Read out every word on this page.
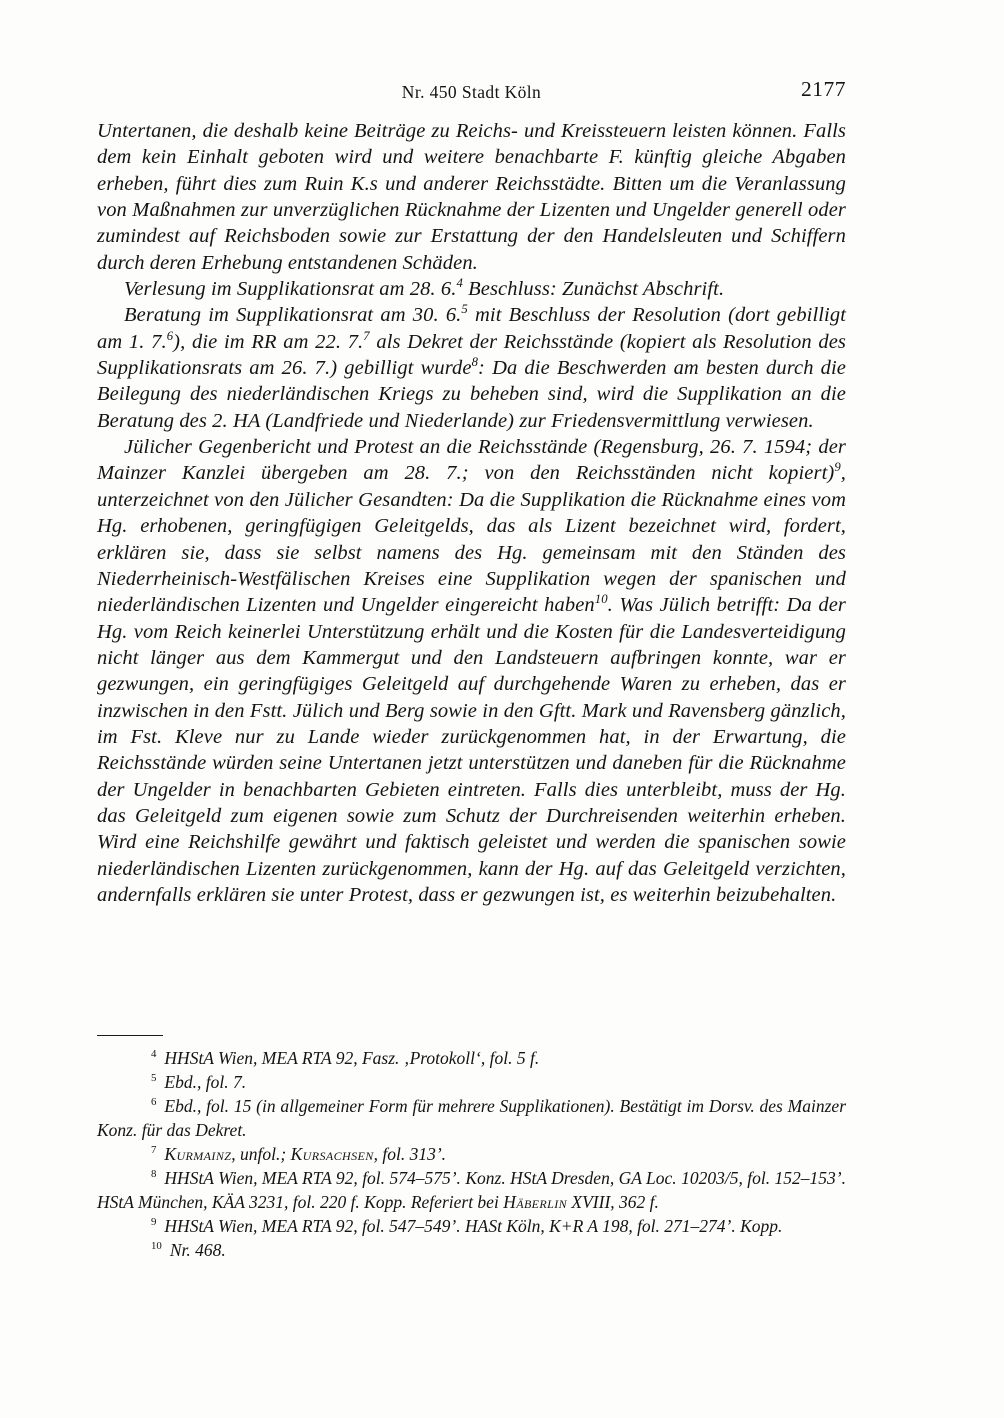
Nr. 450 Stadt Köln	2177

Untertanen, die deshalb keine Beiträge zu Reichs- und Kreissteuern leisten können. Falls dem kein Einhalt geboten wird und weitere benachbarte F. künftig gleiche Abgaben erheben, führt dies zum Ruin K.s und anderer Reichsstädte. Bitten um die Veranlassung von Maßnahmen zur unverzüglichen Rücknahme der Lizenten und Ungelder generell oder zumindest auf Reichsboden sowie zur Erstattung der den Handelsleuten und Schiffern durch deren Erhebung entstandenen Schäden.

Verlesung im Supplikationsrat am 28. 6.$^4$ Beschluss: Zunächst Abschrift.

Beratung im Supplikationsrat am 30. 6.$^5$ mit Beschluss der Resolution (dort gebilligt am 1. 7.$^6$), die im RR am 22. 7.$^7$ als Dekret der Reichsstände (kopiert als Resolution des Supplikationsrats am 26. 7.) gebilligt wurde$^8$: Da die Beschwerden am besten durch die Beilegung des niederländischen Kriegs zu beheben sind, wird die Supplikation an die Beratung des 2. HA (Landfriede und Niederlande) zur Friedensvermittlung verwiesen.

Jülicher Gegenbericht und Protest an die Reichsstände (Regensburg, 26. 7. 1594; der Mainzer Kanzlei übergeben am 28. 7.; von den Reichsständen nicht kopiert)$^9$, unterzeichnet von den Jülicher Gesandten: Da die Supplikation die Rücknahme eines vom Hg. erhobenen, geringfügigen Geleitgelds, das als Lizent bezeichnet wird, fordert, erklären sie, dass sie selbst namens des Hg. gemeinsam mit den Ständen des Niederrheinisch-Westfälischen Kreises eine Supplikation wegen der spanischen und niederländischen Lizenten und Ungelder eingereicht haben$^{10}$. Was Jülich betrifft: Da der Hg. vom Reich keinerlei Unterstützung erhält und die Kosten für die Landesverteidigung nicht länger aus dem Kammergut und den Landsteuern aufbringen konnte, war er gezwungen, ein geringfügiges Geleitgeld auf durchgehende Waren zu erheben, das er inzwischen in den Fstt. Jülich und Berg sowie in den Gftt. Mark und Ravensberg gänzlich, im Fst. Kleve nur zu Lande wieder zurückgenommen hat, in der Erwartung, die Reichsstände würden seine Untertanen jetzt unterstützen und daneben für die Rücknahme der Ungelder in benachbarten Gebieten eintreten. Falls dies unterbleibt, muss der Hg. das Geleitgeld zum eigenen sowie zum Schutz der Durchreisenden weiterhin erheben. Wird eine Reichshilfe gewährt und faktisch geleistet und werden die spanischen sowie niederländischen Lizenten zurückgenommen, kann der Hg. auf das Geleitgeld verzichten, andernfalls erklären sie unter Protest, dass er gezwungen ist, es weiterhin beizubehalten.

$^4$ HHStA Wien, MEA RTA 92, Fasz. ‚Protokoll‘, fol. 5 f.

$^5$ Ebd., fol. 7.

$^6$ Ebd., fol. 15 (in allgemeiner Form für mehrere Supplikationen). Bestätigt im Dorsv. des Mainzer Konz. für das Dekret.

$^7$ Kurmainz, unfol.; Kursachsen, fol. 313’.

$^8$ HHStA Wien, MEA RTA 92, fol. 574–575’. Konz. HStA Dresden, GA Loc. 10203/5, fol. 152–153’. HStA München, KÄA 3231, fol. 220 f. Kopp. Referiert bei Häberlin XVIII, 362 f.

$^9$ HHStA Wien, MEA RTA 92, fol. 547–549’. HASt Köln, K+R A 198, fol. 271–274’. Kopp.

$^{10}$ Nr. 468.
